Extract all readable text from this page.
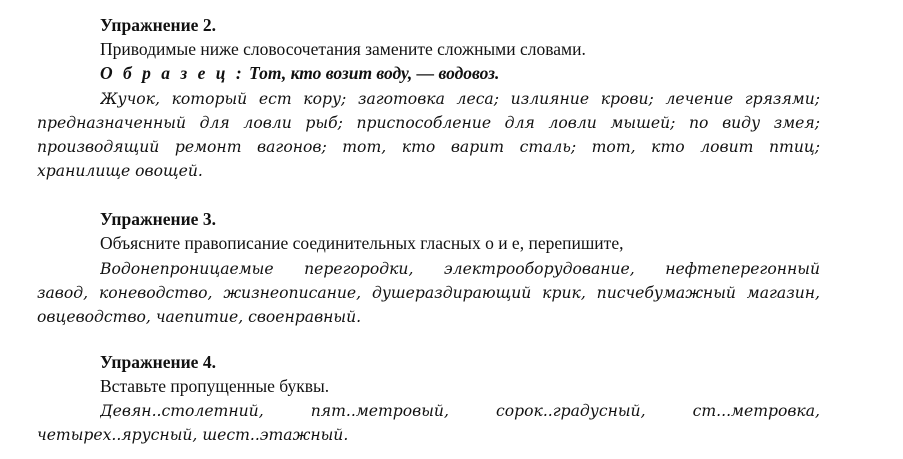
Упражнение 2.
Приводимые ниже словосочетания замените сложными словами.
О б р а з е ц : Тот, кто возит воду, — водовоз.
Жучок, который ест кору; заготовка леса; излияние крови; лечение грязями;
предназначенный для ловли рыб; приспособление для ловли мышей; по виду змея;
производящий ремонт вагонов; тот, кто варит сталь; тот, кто ловит птиц;
хранилище овощей.
Упражнение 3.
Объясните правописание соединительных гласных о и е, перепишите,
Водонепроницаемые перегородки, электрооборудование, нефтеперегонный
завод, коневодство, жизнеописание, душераздирающий крик, писчебумажный магазин,
овцеводство, чаепитие, своенравный.
Упражнение 4.
Вставьте пропущенные буквы.
Девян..столетний, пят..метровый, сорок..градусный, ст...метровка,
четырех..ярусный, шест..этажный.
